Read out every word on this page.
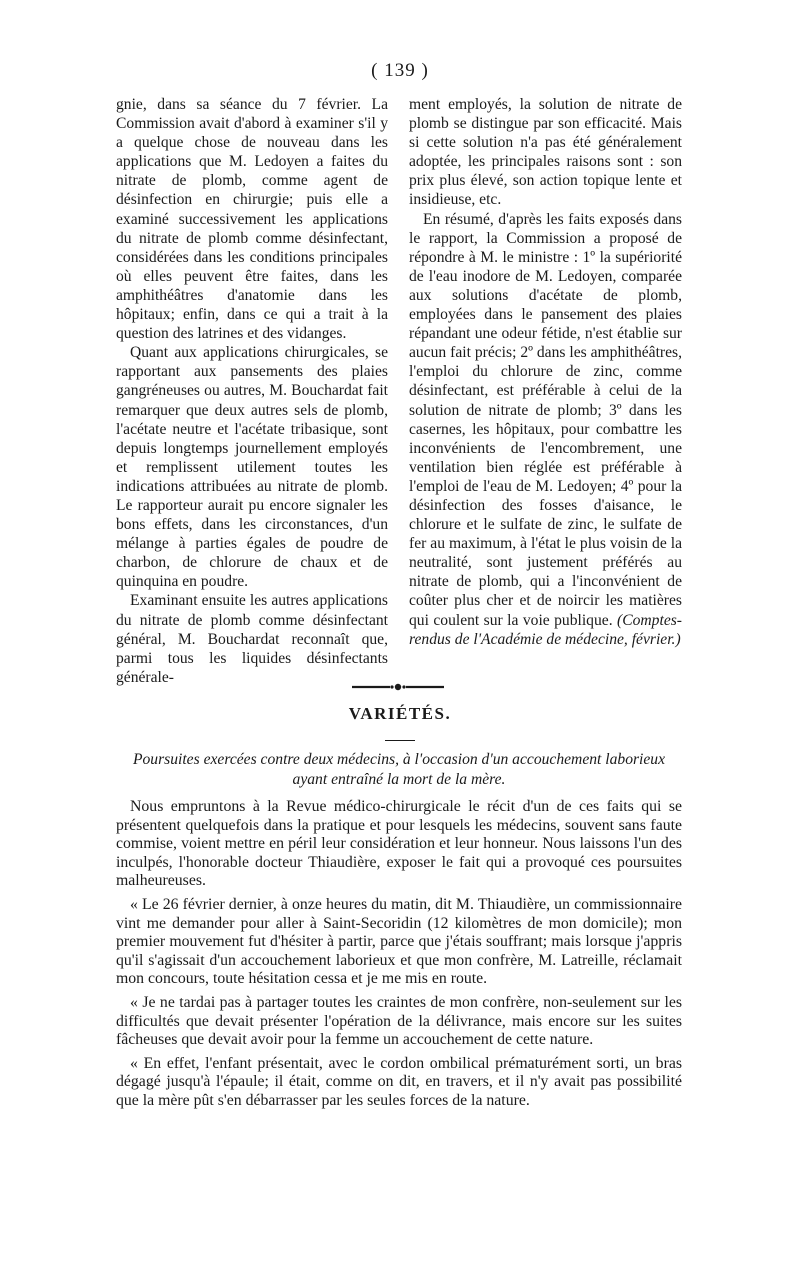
( 139 )

gnie, dans sa séance du 7 février. La Commission avait d'abord à examiner s'il y a quelque chose de nouveau dans les applications que M. Ledoyen a faites du nitrate de plomb, comme agent de désinfection en chirurgie; puis elle a examiné successivement les applications du nitrate de plomb comme désinfectant, considérées dans les conditions principales où elles peuvent être faites, dans les amphithéâtres d'anatomie dans les hôpitaux; enfin, dans ce qui a trait à la question des latrines et des vidanges.

Quant aux applications chirurgicales, se rapportant aux pansements des plaies gangréneuses ou autres, M. Bouchardat fait remarquer que deux autres sels de plomb, l'acétate neutre et l'acétate tribasique, sont depuis longtemps journellement employés et remplissent utilement toutes les indications attribuées au nitrate de plomb. Le rapporteur aurait pu encore signaler les bons effets, dans les circonstances, d'un mélange à parties égales de poudre de charbon, de chlorure de chaux et de quinquina en poudre.

Examinant ensuite les autres applications du nitrate de plomb comme désinfectant général, M. Bouchardat reconnaît que, parmi tous les liquides désinfectants générale-

ment employés, la solution de nitrate de plomb se distingue par son efficacité. Mais si cette solution n'a pas été généralement adoptée, les principales raisons sont : son prix plus élevé, son action topique lente et insidieuse, etc.

En résumé, d'après les faits exposés dans le rapport, la Commission a proposé de répondre à M. le ministre : 1º la supériorité de l'eau inodore de M. Ledoyen, comparée aux solutions d'acétate de plomb, employées dans le pansement des plaies répandant une odeur fétide, n'est établie sur aucun fait précis; 2º dans les amphithéâtres, l'emploi du chlorure de zinc, comme désinfectant, est préférable à celui de la solution de nitrate de plomb; 3º dans les casernes, les hôpitaux, pour combattre les inconvénients de l'encombrement, une ventilation bien réglée est préférable à l'emploi de l'eau de M. Ledoyen; 4º pour la désinfection des fosses d'aisance, le chlorure et le sulfate de zinc, le sulfate de fer au maximum, à l'état le plus voisin de la neutralité, sont justement préférés au nitrate de plomb, qui a l'inconvénient de coûter plus cher et de noircir les matières qui coulent sur la voie publique. (Comptes-rendus de l'Académie de médecine, février.)

VARIÉTÉS.
Poursuites exercées contre deux médecins, à l'occasion d'un accouchement laborieux ayant entraîné la mort de la mère.

Nous empruntons à la Revue médico-chirurgicale le récit d'un de ces faits qui se présentent quelquefois dans la pratique et pour lesquels les médecins, souvent sans faute commise, voient mettre en péril leur considération et leur honneur. Nous laissons l'un des inculpés, l'honorable docteur Thiaudière, exposer le fait qui a provoqué ces poursuites malheureuses.

« Le 26 février dernier, à onze heures du matin, dit M. Thiaudière, un commissionnaire vint me demander pour aller à Saint-Secoridin (12 kilomètres de mon domicile); mon premier mouvement fut d'hésiter à partir, parce que j'étais souffrant; mais lorsque j'appris qu'il s'agissait d'un accouchement laborieux et que mon confrère, M. Latreille, réclamait mon concours, toute hésitation cessa et je me mis en route.

« Je ne tardai pas à partager toutes les craintes de mon confrère, non-seulement sur les difficultés que devait présenter l'opération de la délivrance, mais encore sur les suites fâcheuses que devait avoir pour la femme un accouchement de cette nature.

« En effet, l'enfant présentait, avec le cordon ombilical prématurément sorti, un bras dégagé jusqu'à l'épaule; il était, comme on dit, en travers, et il n'y avait pas possibilité que la mère pût s'en débarrasser par les seules forces de la nature.
